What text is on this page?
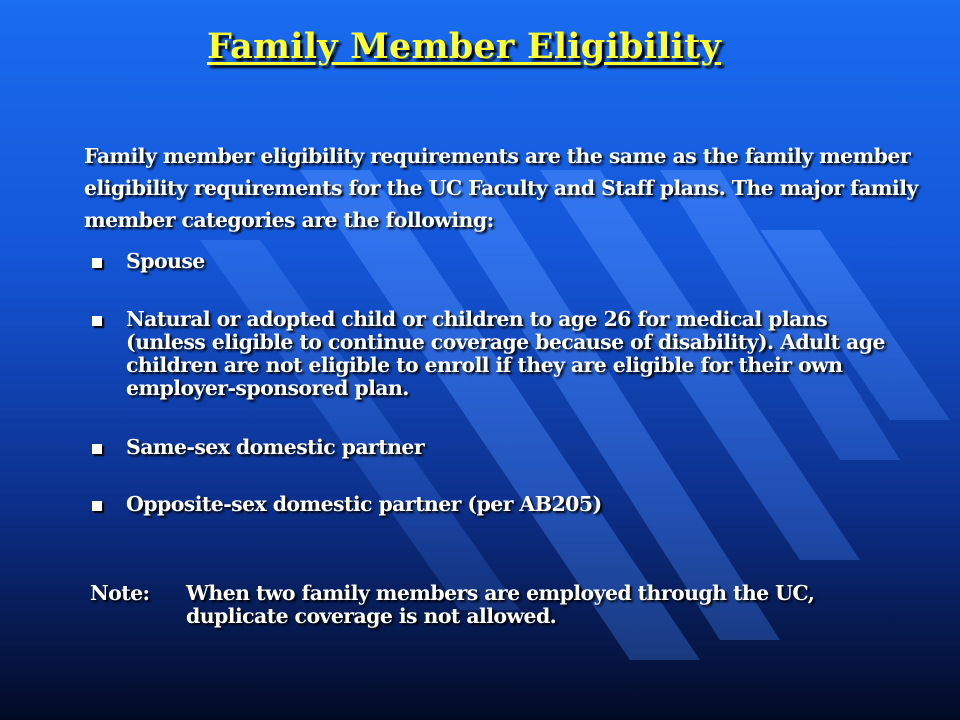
Family Member Eligibility
Family member eligibility requirements are the same as the family member eligibility requirements for the UC Faculty and Staff plans. The major family member categories are the following:
Spouse
Natural or adopted child or children to age 26 for medical plans (unless eligible to continue coverage because of disability). Adult age children are not eligible to enroll if they are eligible for their own employer-sponsored plan.
Same-sex domestic partner
Opposite-sex domestic partner (per AB205)
Note:	When two family members are employed through the UC, duplicate coverage is not allowed.
